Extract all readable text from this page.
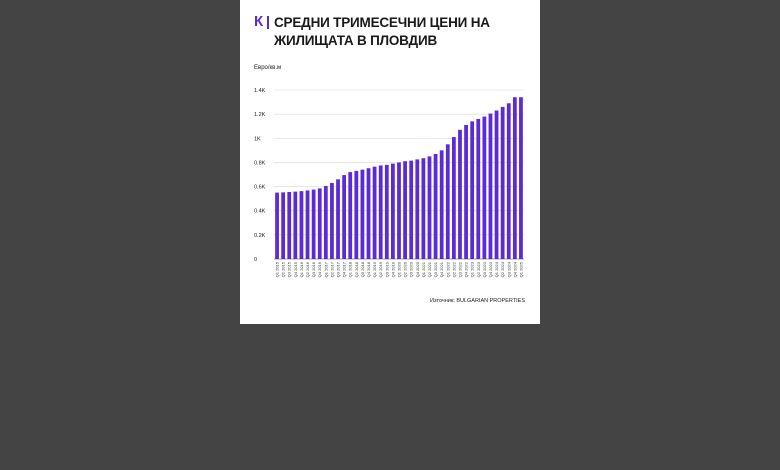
К СРЕДНИ ТРИМЕСЕЧНИ ЦЕНИ НА
ЖИЛИЩАТА В ПЛОВДИВ
Евро/кв.м
Източник: BULGARIAN PROPERTIES
0
0.2K
0.4K
0.6K
0.8K
1K
1.2K
1.4K
Q1 2015 Q2 2015 Q3 2015 Q4 2015 Q1 2016 Q2 2016 Q3 2016 Q4 2016 Q1 2017 Q2 2017 Q3 2017 Q4 2017 Q1 2018 Q2 2018 Q3 2018 Q4 2018 Q1 2019 Q2 2019 Q3 2019 Q4 2019 Q1 2020 Q2 2020 Q3 2020 Q4 2020 Q1 2021 Q2 2021 Q3 2021 Q4 2021 Q1 2022 Q2 2022 Q3 2022 Q4 2022 Q1 2023 Q2 2023 Q3 2023 Q4 2023 Q1 2024 Q2 2024 Q3 2024 Q4 2024 Q1 2025
